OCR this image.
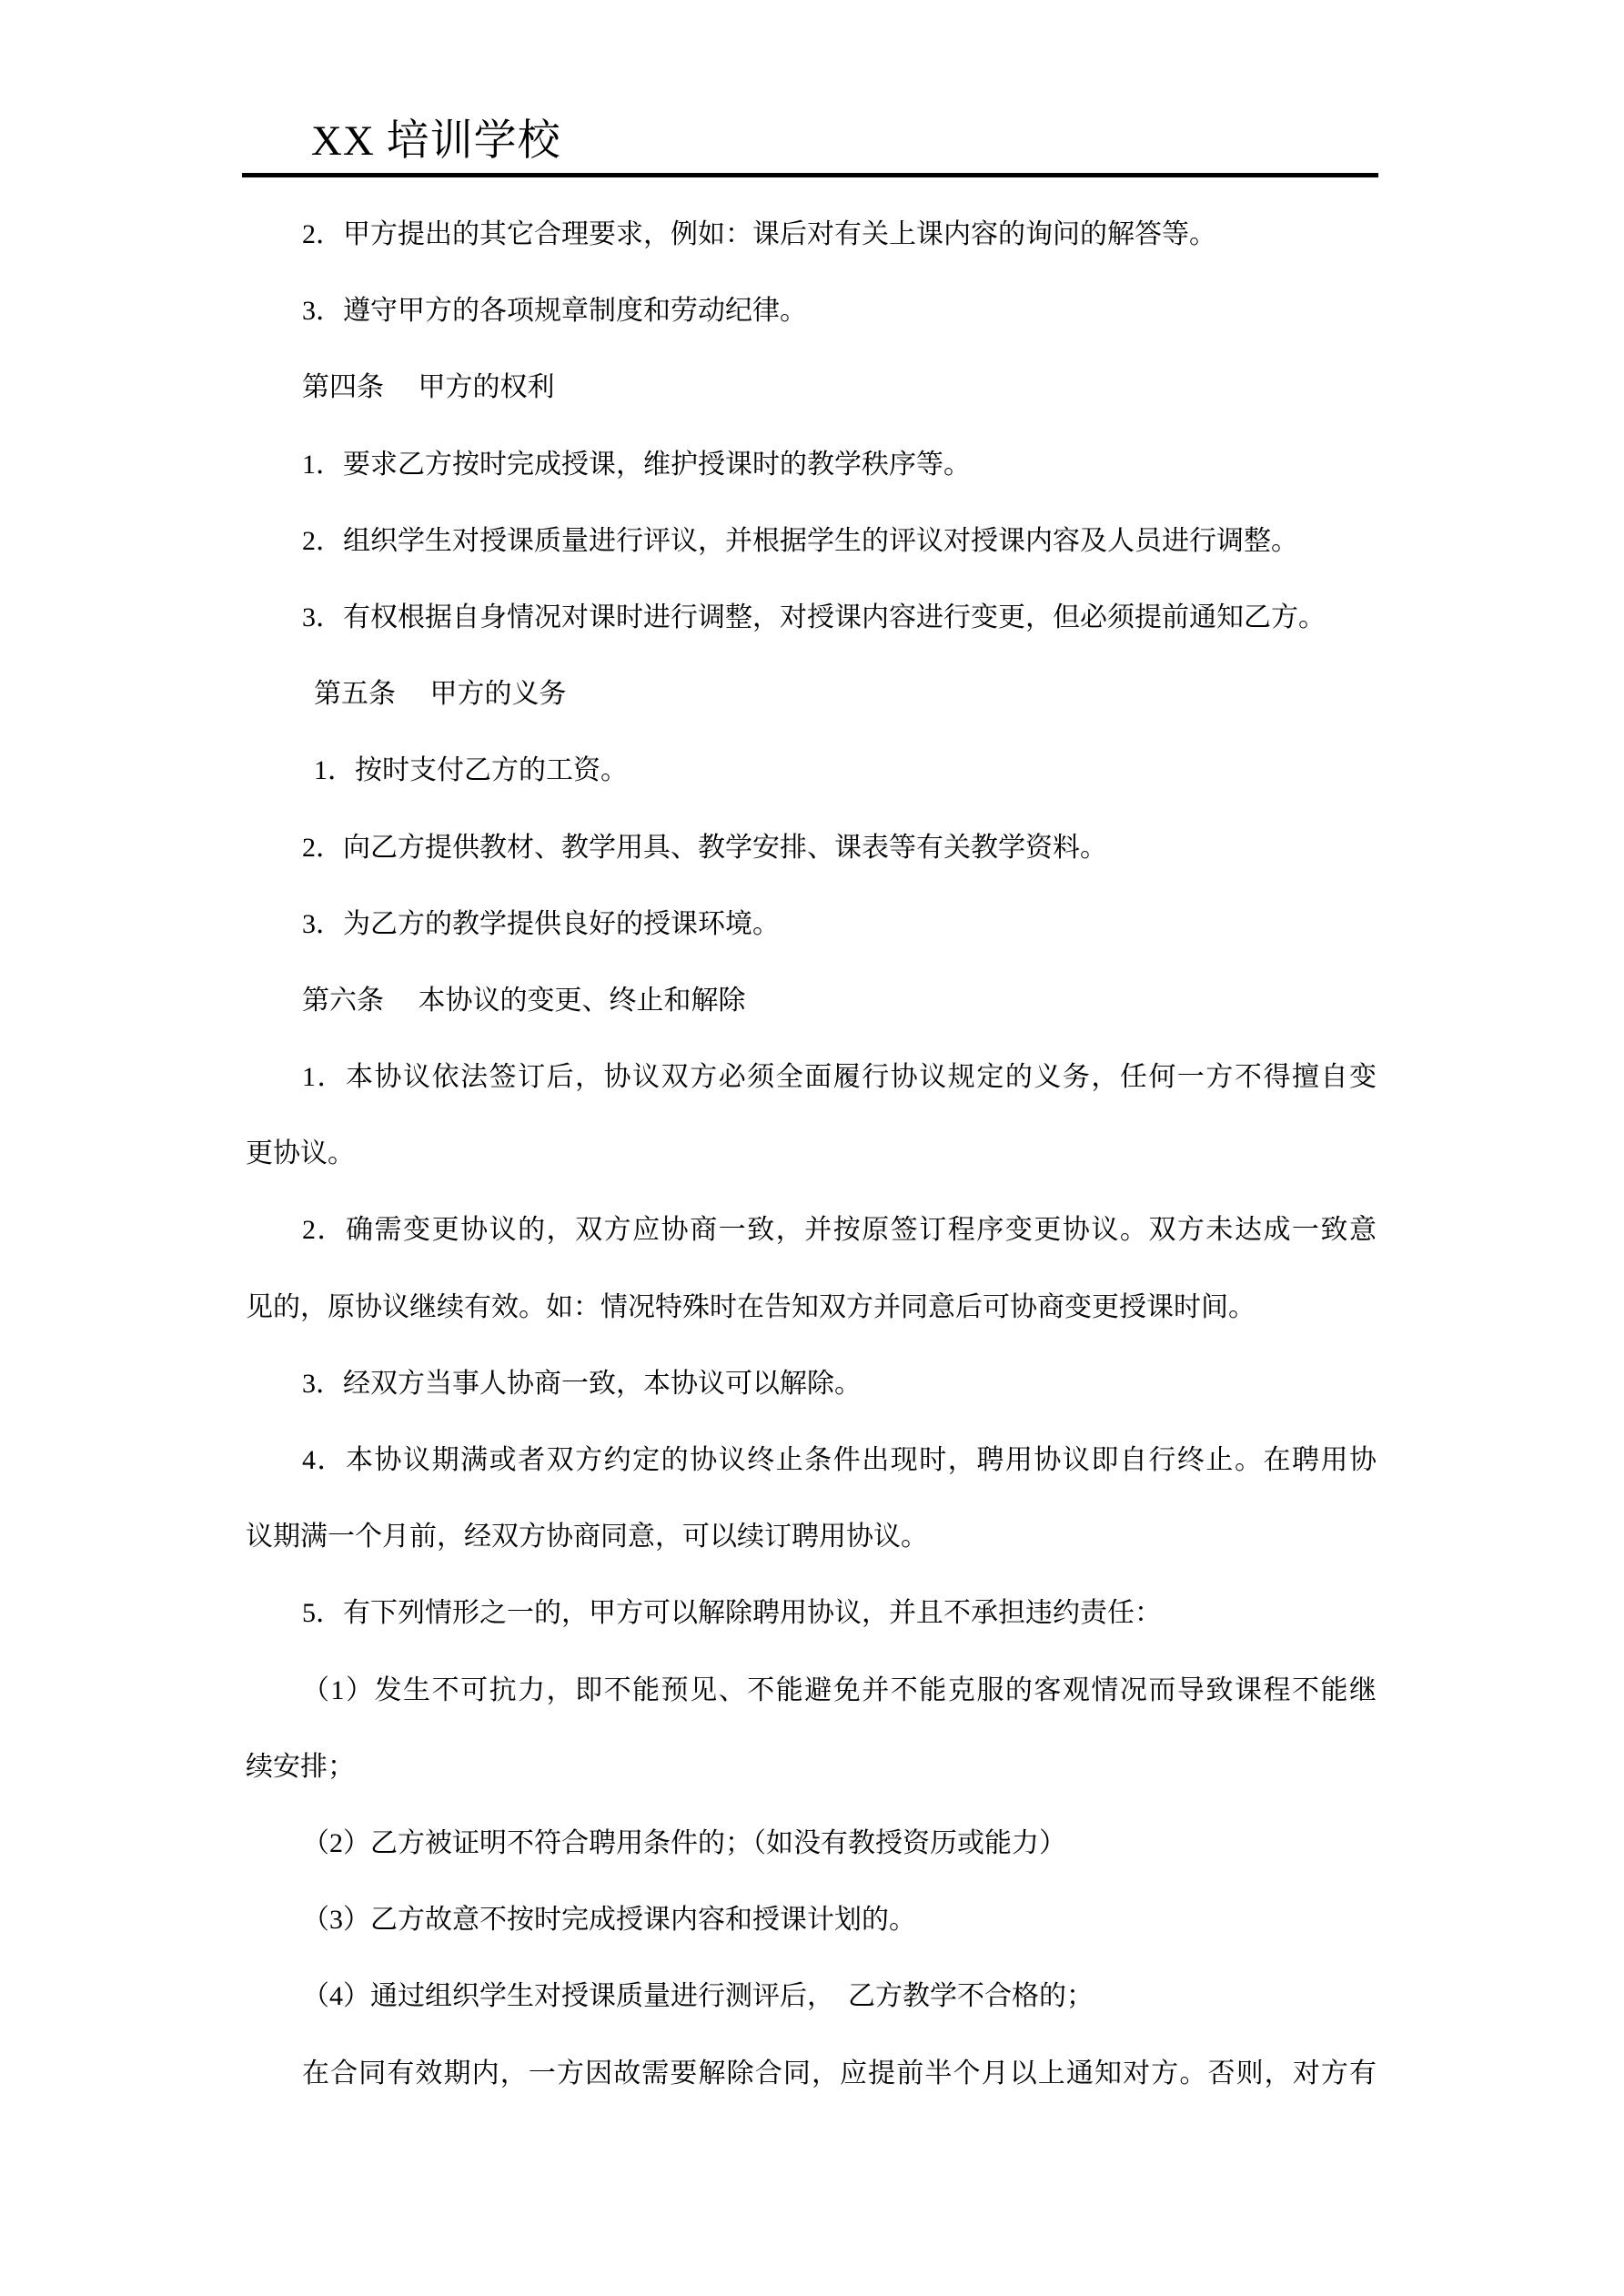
XX 培训学校
2．甲方提出的其它合理要求，例如：课后对有关上课内容的询问的解答等。
3．遵守甲方的各项规章制度和劳动纪律。
第四条　 甲方的权利
1．要求乙方按时完成授课，维护授课时的教学秩序等。
2．组织学生对授课质量进行评议，并根据学生的评议对授课内容及人员进行调整。
3．有权根据自身情况对课时进行调整，对授课内容进行变更，但必须提前通知乙方。
第五条　 甲方的义务
1．按时支付乙方的工资。
2．向乙方提供教材、教学用具、教学安排、课表等有关教学资料。
3．为乙方的教学提供良好的授课环境。
第六条　 本协议的变更、终止和解除
1．本协议依法签订后，协议双方必须全面履行协议规定的义务，任何一方不得擅自变
更协议。
2．确需变更协议的，双方应协商一致，并按原签订程序变更协议。双方未达成一致意
见的，原协议继续有效。如：情况特殊时在告知双方并同意后可协商变更授课时间。
3．经双方当事人协商一致，本协议可以解除。
4．本协议期满或者双方约定的协议终止条件出现时，聘用协议即自行终止。在聘用协
议期满一个月前，经双方协商同意，可以续订聘用协议。
5．有下列情形之一的，甲方可以解除聘用协议，并且不承担违约责任：
（1）发生不可抗力，即不能预见、不能避免并不能克服的客观情况而导致课程不能继
续安排；
（2）乙方被证明不符合聘用条件的；（如没有教授资历或能力）
（3）乙方故意不按时完成授课内容和授课计划的。
（4）通过组织学生对授课质量进行测评后，　乙方教学不合格的；
在合同有效期内，一方因故需要解除合同，应提前半个月以上通知对方。否则，对方有
